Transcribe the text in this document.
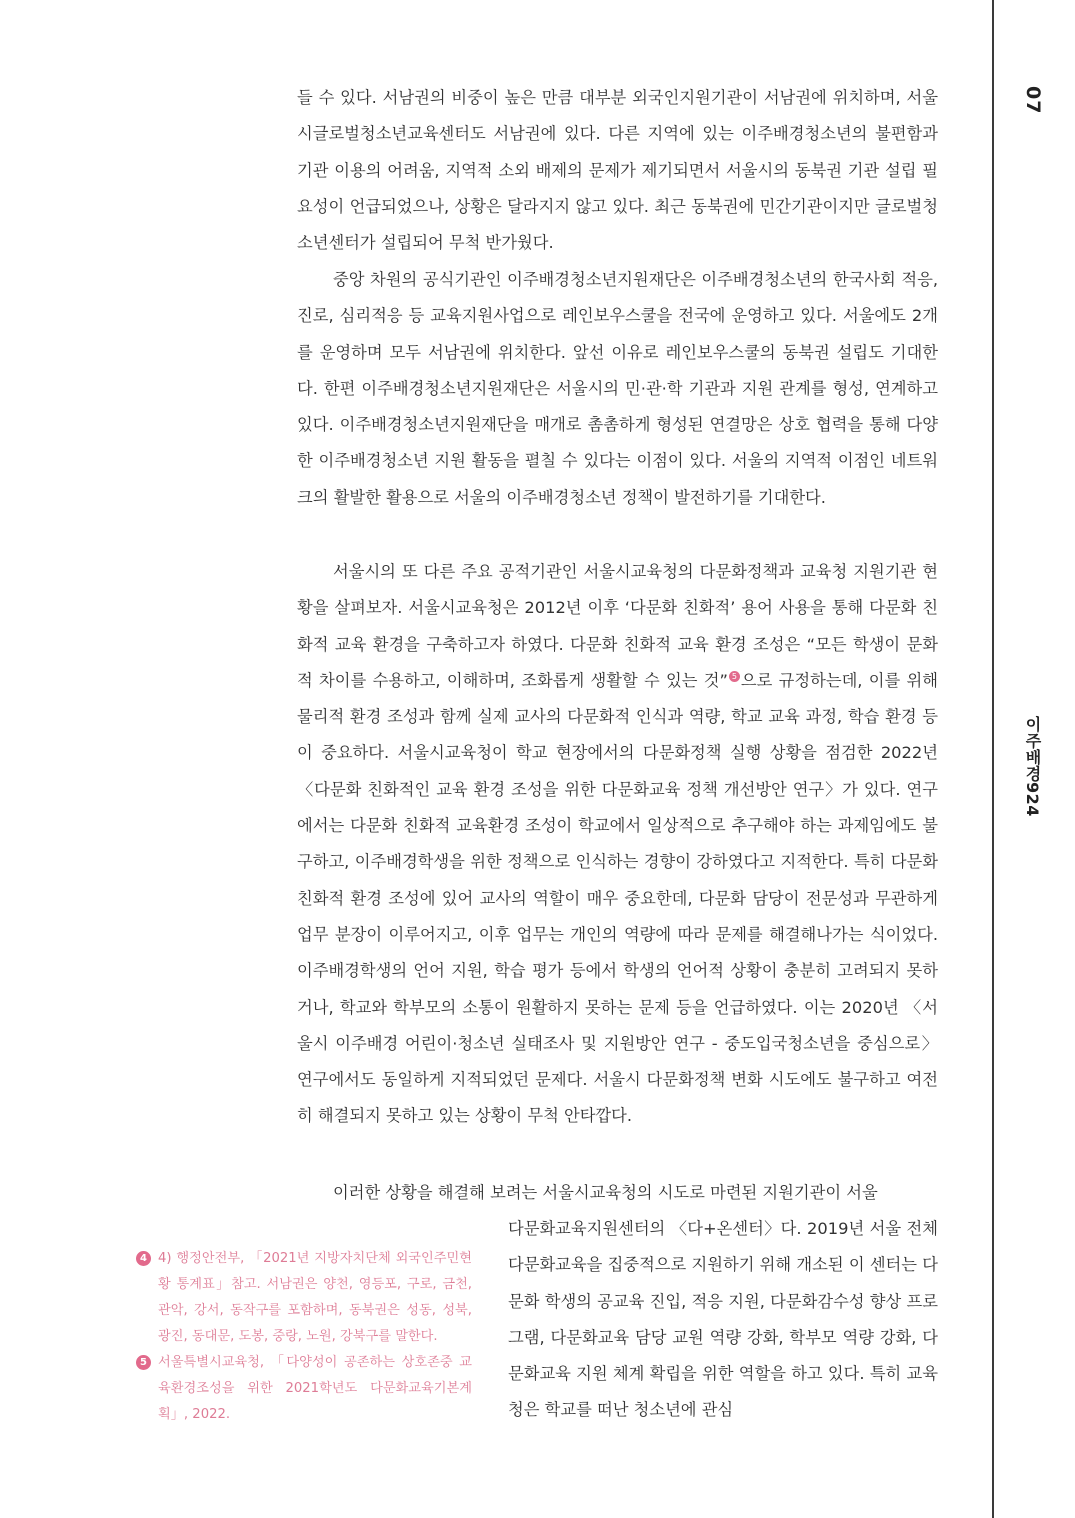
07
이주배경924

들 수 있다. 서남권의 비중이 높은 만큼 대부분 외국인지원기관이 서남권에 위치하며, 서울시글로벌청소년교육센터도 서남권에 있다. 다른 지역에 있는 이주배경청소년의 불편함과 기관 이용의 어려움, 지역적 소외 배제의 문제가 제기되면서 서울시의 동북권 기관 설립 필요성이 언급되었으나, 상황은 달라지지 않고 있다. 최근 동북권에 민간기관이지만 글로벌청소년센터가 설립되어 무척 반가웠다.

중앙 차원의 공식기관인 이주배경청소년지원재단은 이주배경청소년의 한국사회 적응, 진로, 심리적응 등 교육지원사업으로 레인보우스쿨을 전국에 운영하고 있다. 서울에도 2개를 운영하며 모두 서남권에 위치한다. 앞선 이유로 레인보우스쿨의 동북권 설립도 기대한다. 한편 이주배경청소년지원재단은 서울시의 민·관·학 기관과 지원 관계를 형성, 연계하고 있다. 이주배경청소년지원재단을 매개로 촘촘하게 형성된 연결망은 상호 협력을 통해 다양한 이주배경청소년 지원 활동을 펼칠 수 있다는 이점이 있다. 서울의 지역적 이점인 네트워크의 활발한 활용으로 서울의 이주배경청소년 정책이 발전하기를 기대한다.

서울시의 또 다른 주요 공적기관인 서울시교육청의 다문화정책과 교육청 지원기관 현황을 살펴보자. 서울시교육청은 2012년 이후 ‘다문화 친화적’ 용어 사용을 통해 다문화 친화적 교육 환경을 구축하고자 하였다. 다문화 친화적 교육 환경 조성은 “모든 학생이 문화적 차이를 수용하고, 이해하며, 조화롭게 생활할 수 있는 것” 5 으로 규정하는데, 이를 위해 물리적 환경 조성과 함께 실제 교사의 다문화적 인식과 역량, 학교 교육 과정, 학습 환경 등이 중요하다. 서울시교육청이 학교 현장에서의 다문화정책 실행 상황을 점검한 2022년 〈다문화 친화적인 교육 환경 조성을 위한 다문화교육 정책 개선방안 연구〉가 있다. 연구에서는 다문화 친화적 교육환경 조성이 학교에서 일상적으로 추구해야 하는 과제임에도 불구하고, 이주배경학생을 위한 정책으로 인식하는 경향이 강하였다고 지적한다. 특히 다문화 친화적 환경 조성에 있어 교사의 역할이 매우 중요한데, 다문화 담당이 전문성과 무관하게 업무 분장이 이루어지고, 이후 업무는 개인의 역량에 따라 문제를 해결해나가는 식이었다. 이주배경학생의 언어 지원, 학습 평가 등에서 학생의 언어적 상황이 충분히 고려되지 못하거나, 학교와 학부모의 소통이 원활하지 못하는 문제 등을 언급하였다. 이는 2020년 〈서울시 이주배경 어린이·청소년 실태조사 및 지원방안 연구 - 중도입국청소년을 중심으로〉 연구에서도 동일하게 지적되었던 문제다. 서울시 다문화정책 변화 시도에도 불구하고 여전히 해결되지 못하고 있는 상황이 무척 안타깝다.

이러한 상황을 해결해 보려는 서울시교육청의 시도로 마련된 지원기관이 서울

다문화교육지원센터의 〈다+온센터〉다. 2019년 서울 전체 다문화교육을 집중적으로 지원하기 위해 개소된 이 센터는 다문화 학생의 공교육 진입, 적응 지원, 다문화감수성 향상 프로그램, 다문화교육 담당 교원 역량 강화, 학부모 역량 강화, 다문화교육 지원 체계 확립을 위한 역할을 하고 있다. 특히 교육청은 학교를 떠난 청소년에 관심

4 4) 행정안전부, 「2021년 지방자치단체 외국인주민현황 통계표」참고. 서남권은 양천, 영등포, 구로, 금천, 관악, 강서, 동작구를 포함하며, 동북권은 성동, 성북, 광진, 동대문, 도봉, 중랑, 노원, 강북구를 말한다.
5 서울특별시교육청, 「다양성이 공존하는 상호존중 교육환경조성을 위한 2021학년도 다문화교육기본계획」, 2022.
